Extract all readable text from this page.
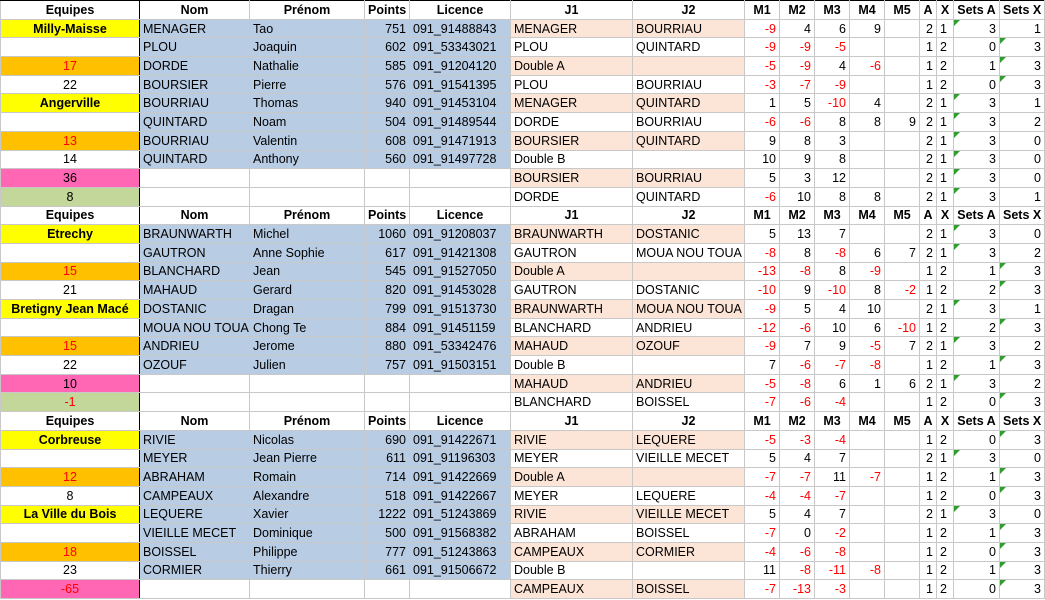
Equipes	Nom	Prénom	Points	Licence	J1	J2	M1	M2	M3	M4	M5	A	X	Sets A	Sets X
Milly-Maisse	MENAGER	Tao	751	091_91488843	MENAGER	BOURRIAU	-9	4	6	9		2	1	3	1
	PLOU	Joaquin	602	091_53343021	PLOU	QUINTARD	-9	-9	-5			1	2	0	3
17	DORDE	Nathalie	585	091_91204120	Double A		-5	-9	4	-6		1	2	1	3
22	BOURSIER	Pierre	576	091_91541395	PLOU	BOURRIAU	-3	-7	-9			1	2	0	3
Angerville	BOURRIAU	Thomas	940	091_91453104	MENAGER	QUINTARD	1	5	-10	4		2	1	3	1
	QUINTARD	Noam	504	091_91489544	DORDE	BOURRIAU	-6	-6	8	8	9	2	1	3	2
13	BOURRIAU	Valentin	608	091_91471913	BOURSIER	QUINTARD	9	8	3			2	1	3	0
14	QUINTARD	Anthony	560	091_91497728	Double B		10	9	8			2	1	3	0
36					BOURSIER	BOURRIAU	5	3	12			2	1	3	0
8					DORDE	QUINTARD	-6	10	8	8		2	1	3	1
Equipes	Nom	Prénom	Points	Licence	J1	J2	M1	M2	M3	M4	M5	A	X	Sets A	Sets X
Etrechy	BRAUNWARTH	Michel	1060	091_91208037	BRAUNWARTH	DOSTANIC	5	13	7			2	1	3	0
	GAUTRON	Anne Sophie	617	091_91421308	GAUTRON	MOUA NOU TOUA	-8	8	-8	6	7	2	1	3	2
15	BLANCHARD	Jean	545	091_91527050	Double A		-13	-8	8	-9		1	2	1	3
21	MAHAUD	Gerard	820	091_91453028	GAUTRON	DOSTANIC	-10	9	-10	8	-2	1	2	2	3
Bretigny Jean Macé	DOSTANIC	Dragan	799	091_91513730	BRAUNWARTH	MOUA NOU TOUA	-9	5	4	10		2	1	3	1
	MOUA NOU TOUA	Chong Te	884	091_91451159	BLANCHARD	ANDRIEU	-12	-6	10	6	-10	1	2	2	3
15	ANDRIEU	Jerome	880	091_53342476	MAHAUD	OZOUF	-9	7	9	-5	7	2	1	3	2
22	OZOUF	Julien	757	091_91503151	Double B		7	-6	-7	-8		1	2	1	3
10					MAHAUD	ANDRIEU	-5	-8	6	1	6	2	1	3	2
-1					BLANCHARD	BOISSEL	-7	-6	-4			1	2	0	3
Equipes	Nom	Prénom	Points	Licence	J1	J2	M1	M2	M3	M4	M5	A	X	Sets A	Sets X
Corbreuse	RIVIE	Nicolas	690	091_91422671	RIVIE	LEQUERE	-5	-3	-4			1	2	0	3
	MEYER	Jean Pierre	611	091_91196303	MEYER	VIEILLE MECET	5	4	7			2	1	3	0
12	ABRAHAM	Romain	714	091_91422669	Double A		-7	-7	11	-7		1	2	1	3
8	CAMPEAUX	Alexandre	518	091_91422667	MEYER	LEQUERE	-4	-4	-7			1	2	0	3
La Ville du Bois	LEQUERE	Xavier	1222	091_51243869	RIVIE	VIEILLE MECET	5	4	7			2	1	3	0
	VIEILLE MECET	Dominique	500	091_91568382	ABRAHAM	BOISSEL	-7	0	-2			1	2	1	3
18	BOISSEL	Philippe	777	091_51243863	CAMPEAUX	CORMIER	-4	-6	-8			1	2	0	3
23	CORMIER	Thierry	661	091_91506672	Double B		11	-8	-11	-8		1	2	1	3
-65					CAMPEAUX	BOISSEL	-7	-13	-3			1	2	0	3
